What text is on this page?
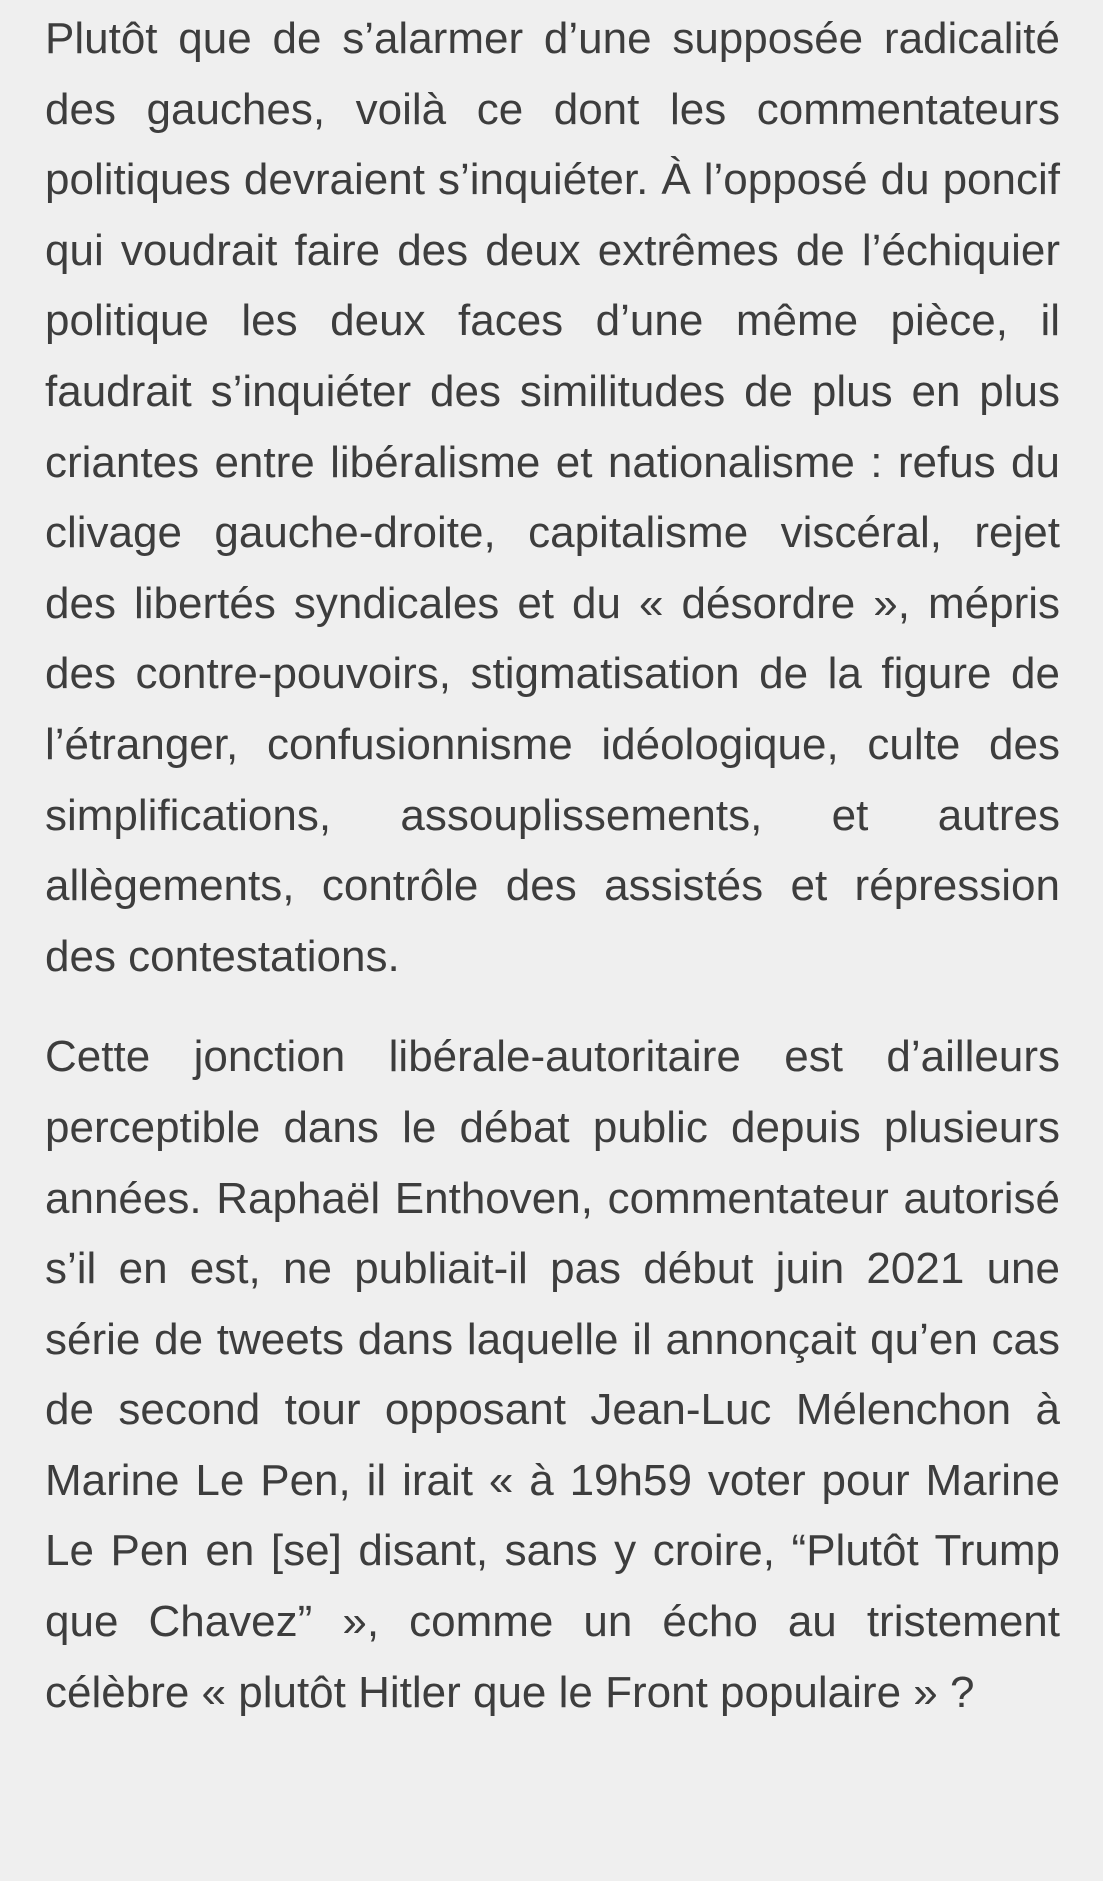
Plutôt que de s’alarmer d’une supposée radicalité des gauches, voilà ce dont les commentateurs politiques devraient s’inquiéter. À l’opposé du poncif qui voudrait faire des deux extrêmes de l’échiquier politique les deux faces d’une même pièce, il faudrait s’inquiéter des similitudes de plus en plus criantes entre libéralisme et nationalisme : refus du clivage gauche-droite, capitalisme viscéral, rejet des libertés syndicales et du « désordre », mépris des contre-pouvoirs, stigmatisation de la figure de l’étranger, confusionnisme idéologique, culte des simplifications, assouplissements, et autres allègements, contrôle des assistés et répression des contestations.

Cette jonction libérale-autoritaire est d’ailleurs perceptible dans le débat public depuis plusieurs années. Raphaël Enthoven, commentateur autorisé s’il en est, ne publiait-il pas début juin 2021 une série de tweets dans laquelle il annonçait qu’en cas de second tour opposant Jean-Luc Mélenchon à Marine Le Pen, il irait « à 19h59 voter pour Marine Le Pen en [se] disant, sans y croire, “Plutôt Trump que Chavez” », comme un écho au tristement célèbre « plutôt Hitler que le Front populaire » ?
